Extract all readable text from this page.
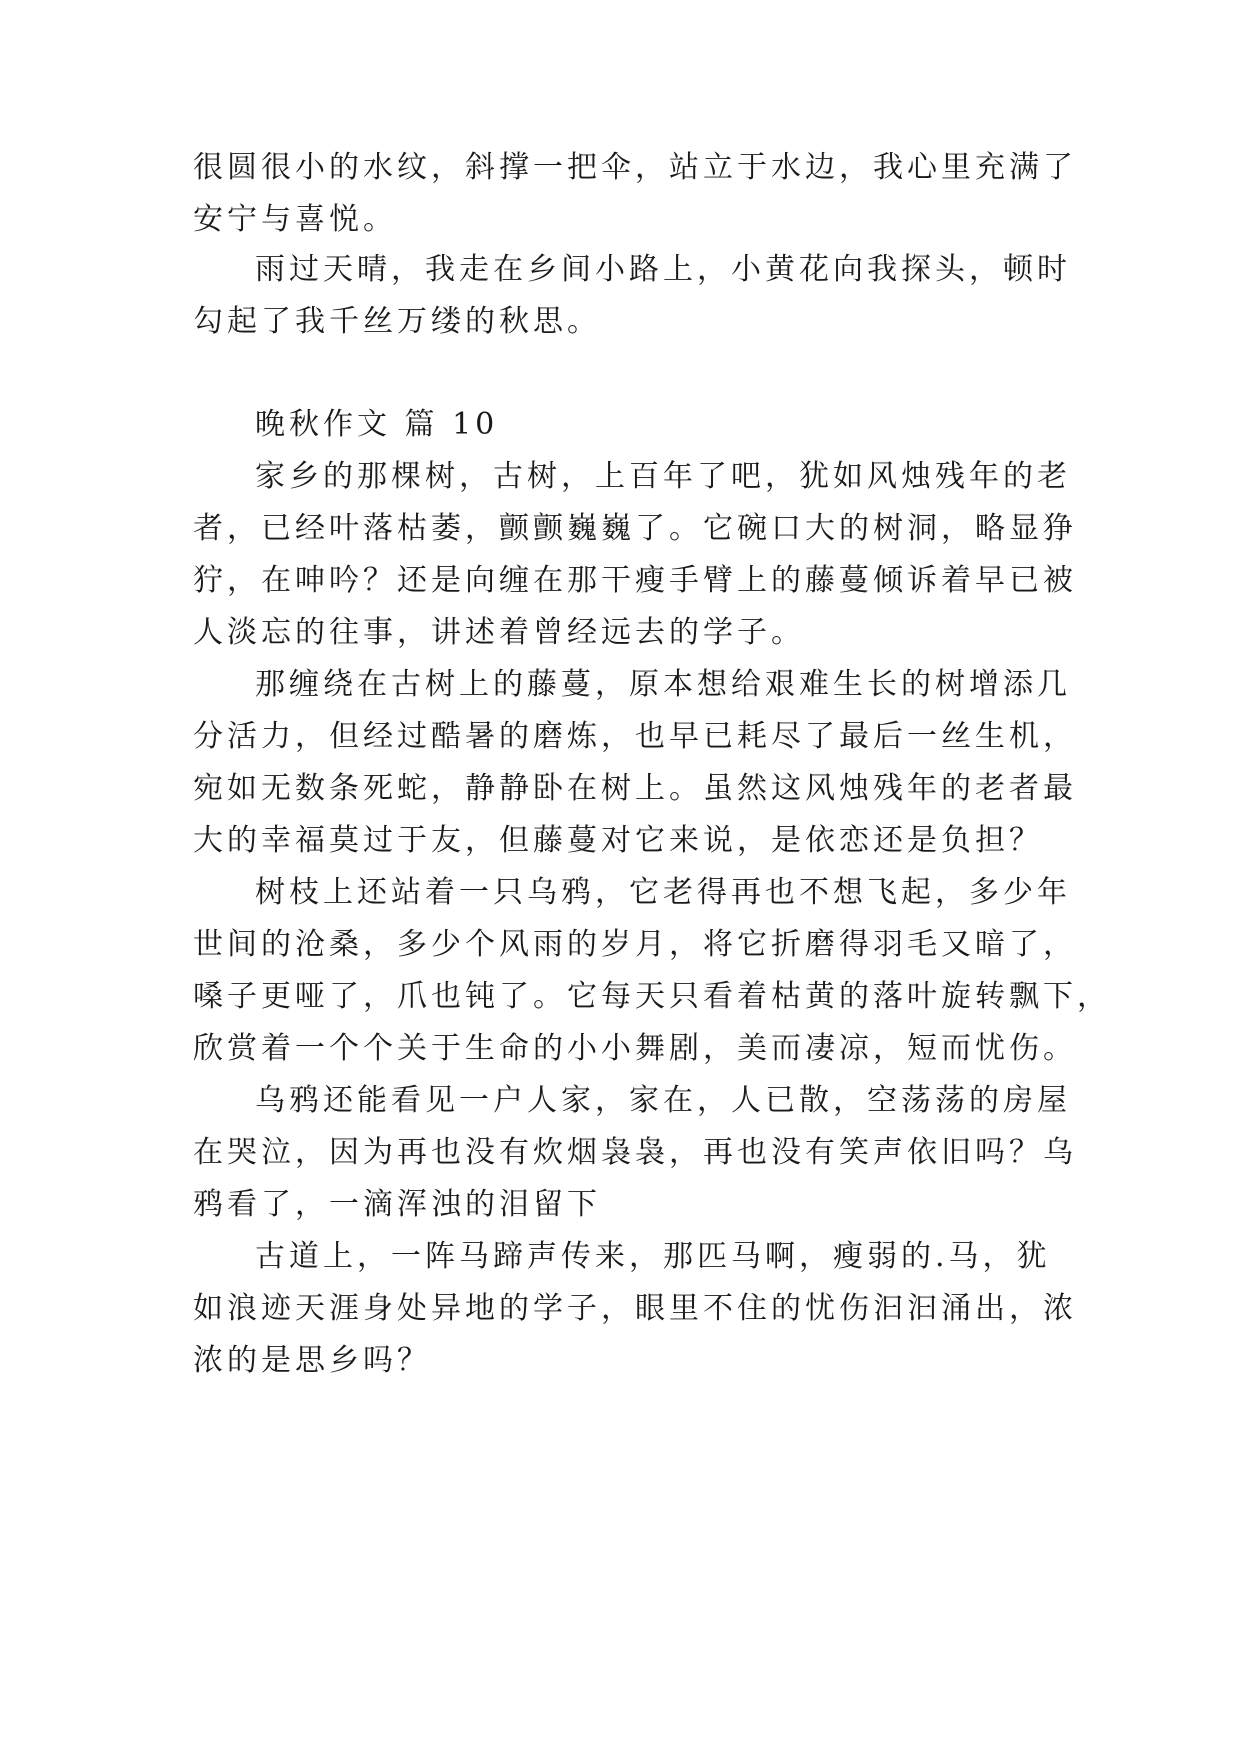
很圆很小的水纹，斜撑一把伞，站立于水边，我心里充满了
安宁与喜悦。
雨过天晴，我走在乡间小路上，小黄花向我探头，顿时
勾起了我千丝万缕的秋思。
晚秋作文 篇 10
家乡的那棵树，古树，上百年了吧，犹如风烛残年的老
者，已经叶落枯萎，颤颤巍巍了。它碗口大的树洞，略显狰
狞，在呻吟？还是向缠在那干瘦手臂上的藤蔓倾诉着早已被
人淡忘的往事，讲述着曾经远去的学子。
那缠绕在古树上的藤蔓，原本想给艰难生长的树增添几
分活力，但经过酷暑的磨炼，也早已耗尽了最后一丝生机，
宛如无数条死蛇，静静卧在树上。虽然这风烛残年的老者最
大的幸福莫过于友，但藤蔓对它来说，是依恋还是负担？
树枝上还站着一只乌鸦，它老得再也不想飞起，多少年
世间的沧桑，多少个风雨的岁月，将它折磨得羽毛又暗了，
嗓子更哑了，爪也钝了。它每天只看着枯黄的落叶旋转飘下，
欣赏着一个个关于生命的小小舞剧，美而凄凉，短而忧伤。
乌鸦还能看见一户人家，家在，人已散，空荡荡的房屋
在哭泣，因为再也没有炊烟袅袅，再也没有笑声依旧吗？乌
鸦看了，一滴浑浊的泪留下
古道上，一阵马蹄声传来，那匹马啊，瘦弱的.马，犹
如浪迹天涯身处异地的学子，眼里不住的忧伤汩汩涌出，浓
浓的是思乡吗？
